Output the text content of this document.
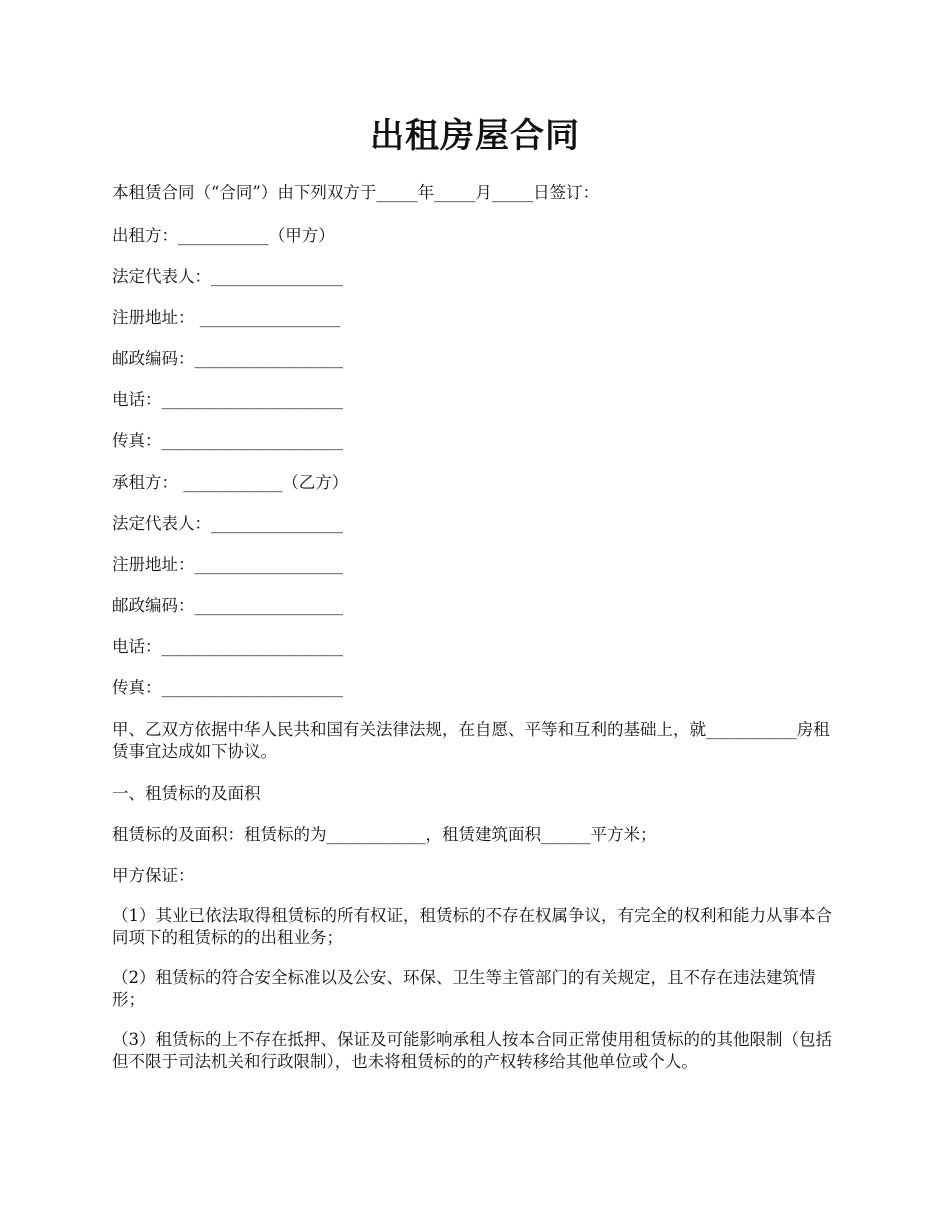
出租房屋合同
本租赁合同（“合同”）由下列双方于_____年_____月_____日签订：
出租方：___________（甲方）
法定代表人：________________
注册地址： _________________
邮政编码：__________________
电话：______________________
传真：______________________
承租方： ____________（乙方）
法定代表人：________________
注册地址：__________________
邮政编码：__________________
电话：______________________
传真：______________________
甲、乙双方依据中华人民共和国有关法律法规，在自愿、平等和互利的基础上，就___________房租赁事宜达成如下协议。
一、租赁标的及面积
租赁标的及面积：租赁标的为____________，租赁建筑面积______平方米；
甲方保证：
（1）其业已依法取得租赁标的所有权证，租赁标的不存在权属争议，有完全的权利和能力从事本合同项下的租赁标的的出租业务；
（2）租赁标的符合安全标准以及公安、环保、卫生等主管部门的有关规定，且不存在违法建筑情形；
（3）租赁标的上不存在抵押、保证及可能影响承租人按本合同正常使用租赁标的的其他限制（包括但不限于司法机关和行政限制），也未将租赁标的的产权转移给其他单位或个人。
